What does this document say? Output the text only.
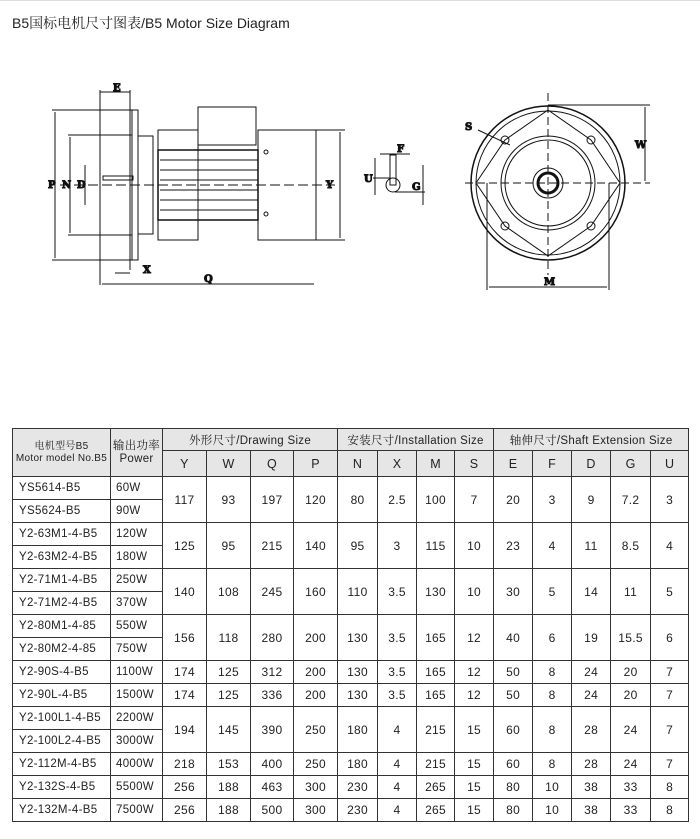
B5国标电机尺寸图表/B5 Motor Size Diagram
E
P N D
X
Q
Y
S
F
U
G
W
M
电机型号B5
Motor model No.B5	输出功率
Power	外形尺寸/Drawing Size				安装尺寸/Installation Size				轴伸尺寸/Shaft Extension Size				
		Y	W	Q	P	N	X	M	S	E	F	D	G	U
YS5614-B5	60W	117	93	197	120	80	2.5	100	7	20	3	9	7.2	3
YS5624-B5	90W													
Y2-63M1-4-B5	120W	125	95	215	140	95	3	115	10	23	4	11	8.5	4
Y2-63M2-4-B5	180W													
Y2-71M1-4-B5	250W	140	108	245	160	110	3.5	130	10	30	5	14	11	5
Y2-71M2-4-B5	370W													
Y2-80M1-4-85	550W	156	118	280	200	130	3.5	165	12	40	6	19	15.5	6
Y2-80M2-4-85	750W													
Y2-90S-4-B5	1100W	174	125	312	200	130	3.5	165	12	50	8	24	20	7
Y2-90L-4-B5	1500W	174	125	336	200	130	3.5	165	12	50	8	24	20	7
Y2-100L1-4-B5	2200W	194	145	390	250	180	4	215	15	60	8	28	24	7
Y2-100L2-4-B5	3000W													
Y2-112M-4-B5	4000W	218	153	400	250	180	4	215	15	60	8	28	24	7
Y2-132S-4-B5	5500W	256	188	463	300	230	4	265	15	80	10	38	33	8
Y2-132M-4-B5	7500W	256	188	500	300	230	4	265	15	80	10	38	33	8
